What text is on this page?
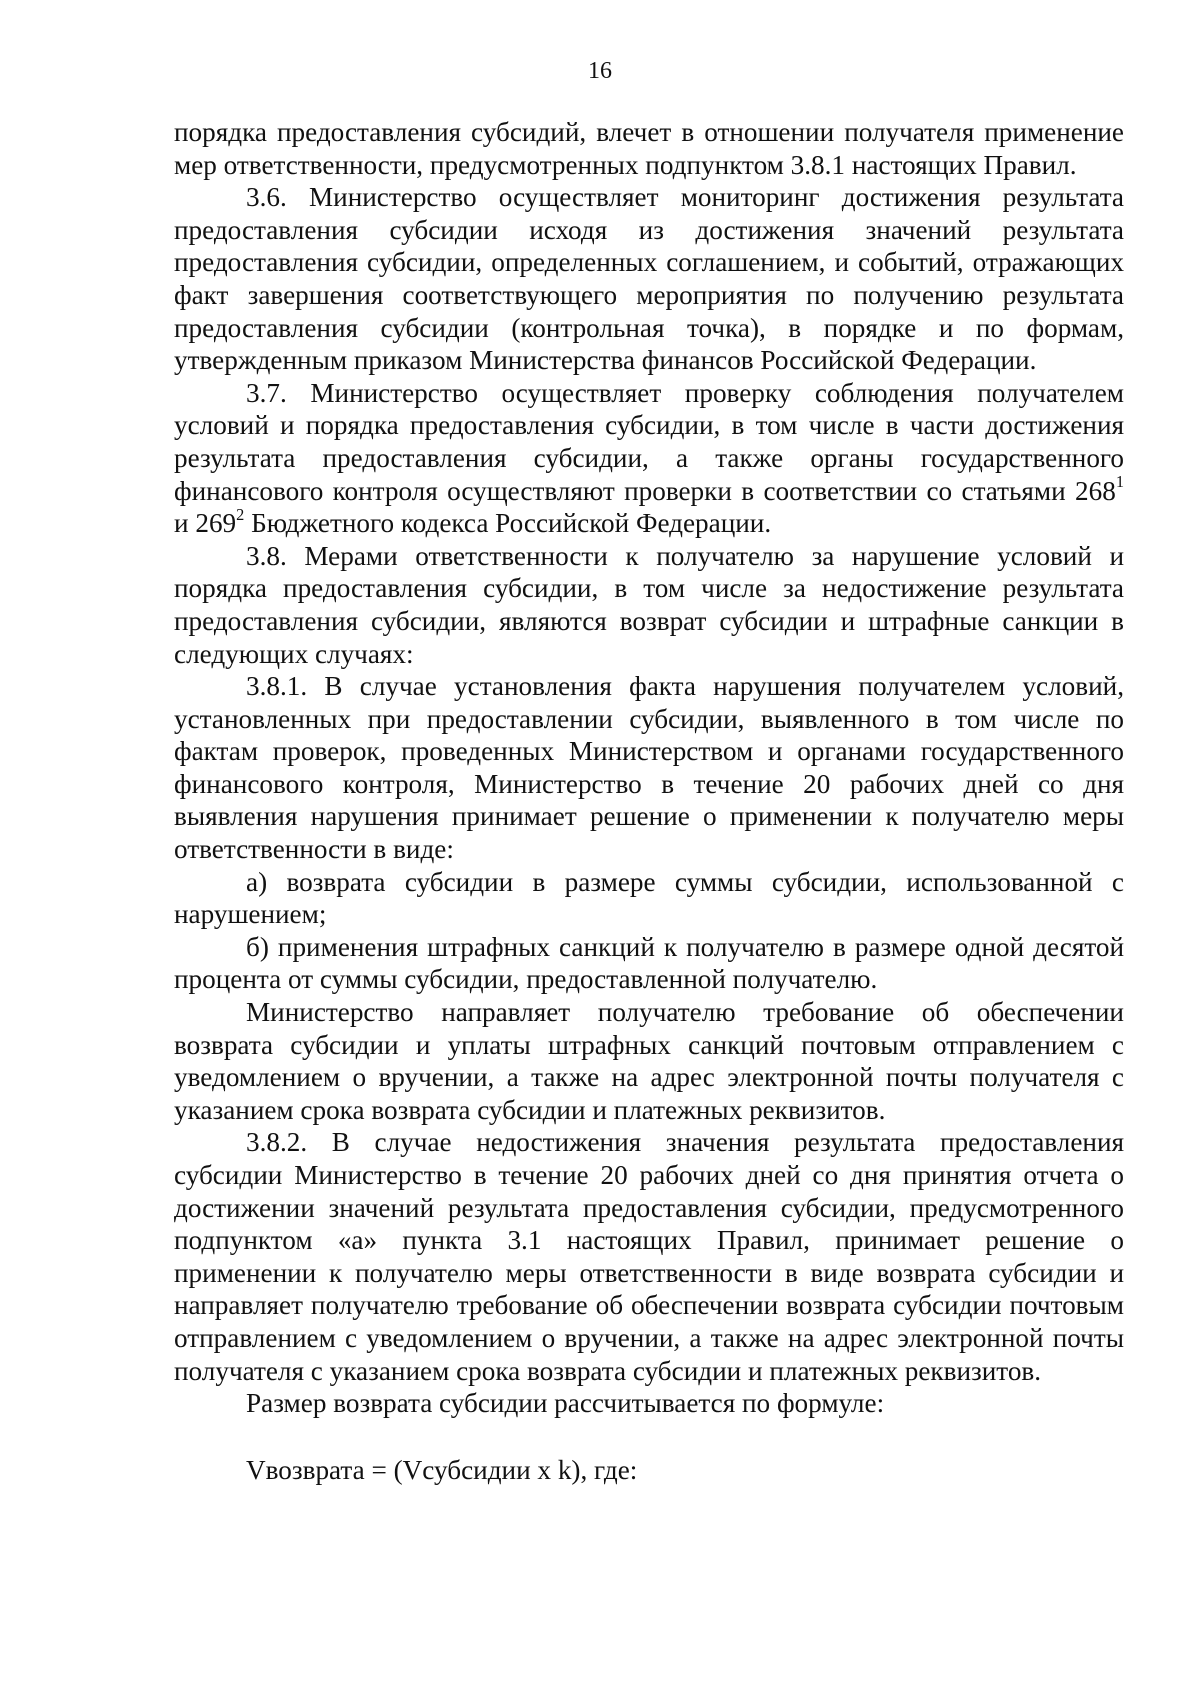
16

порядка предоставления субсидий, влечет в отношении получателя применение мер ответственности, предусмотренных подпунктом 3.8.1 настоящих Правил.

3.6. Министерство осуществляет мониторинг достижения результата предоставления субсидии исходя из достижения значений результата предоставления субсидии, определенных соглашением, и событий, отражающих факт завершения соответствующего мероприятия по получению результата предоставления субсидии (контрольная точка), в порядке и по формам, утвержденным приказом Министерства финансов Российской Федерации.

3.7. Министерство осуществляет проверку соблюдения получателем условий и порядка предоставления субсидии, в том числе в части достижения результата предоставления субсидии, а также органы государственного финансового контроля осуществляют проверки в соответствии со статьями $268^1$ и $269^2$ Бюджетного кодекса Российской Федерации.

3.8. Мерами ответственности к получателю за нарушение условий и порядка предоставления субсидии, в том числе за недостижение результата предоставления субсидии, являются возврат субсидии и штрафные санкции в следующих случаях:

3.8.1. В случае установления факта нарушения получателем условий, установленных при предоставлении субсидии, выявленного в том числе по фактам проверок, проведенных Министерством и органами государственного финансового контроля, Министерство в течение 20 рабочих дней со дня выявления нарушения принимает решение о применении к получателю меры ответственности в виде:

а) возврата субсидии в размере суммы субсидии, использованной с нарушением;

б) применения штрафных санкций к получателю в размере одной десятой процента от суммы субсидии, предоставленной получателю.

Министерство направляет получателю требование об обеспечении возврата субсидии и уплаты штрафных санкций почтовым отправлением с уведомлением о вручении, а также на адрес электронной почты получателя с указанием срока возврата субсидии и платежных реквизитов.

3.8.2. В случае недостижения значения результата предоставления субсидии Министерство в течение 20 рабочих дней со дня принятия отчета о достижении значений результата предоставления субсидии, предусмотренного подпунктом «а» пункта 3.1 настоящих Правил, принимает решение о применении к получателю меры ответственности в виде возврата субсидии и направляет получателю требование об обеспечении возврата субсидии почтовым отправлением с уведомлением о вручении, а также на адрес электронной почты получателя с указанием срока возврата субсидии и платежных реквизитов.

Размер возврата субсидии рассчитывается по формуле:

Vвозврата = (Vсубсидии x k), где:
